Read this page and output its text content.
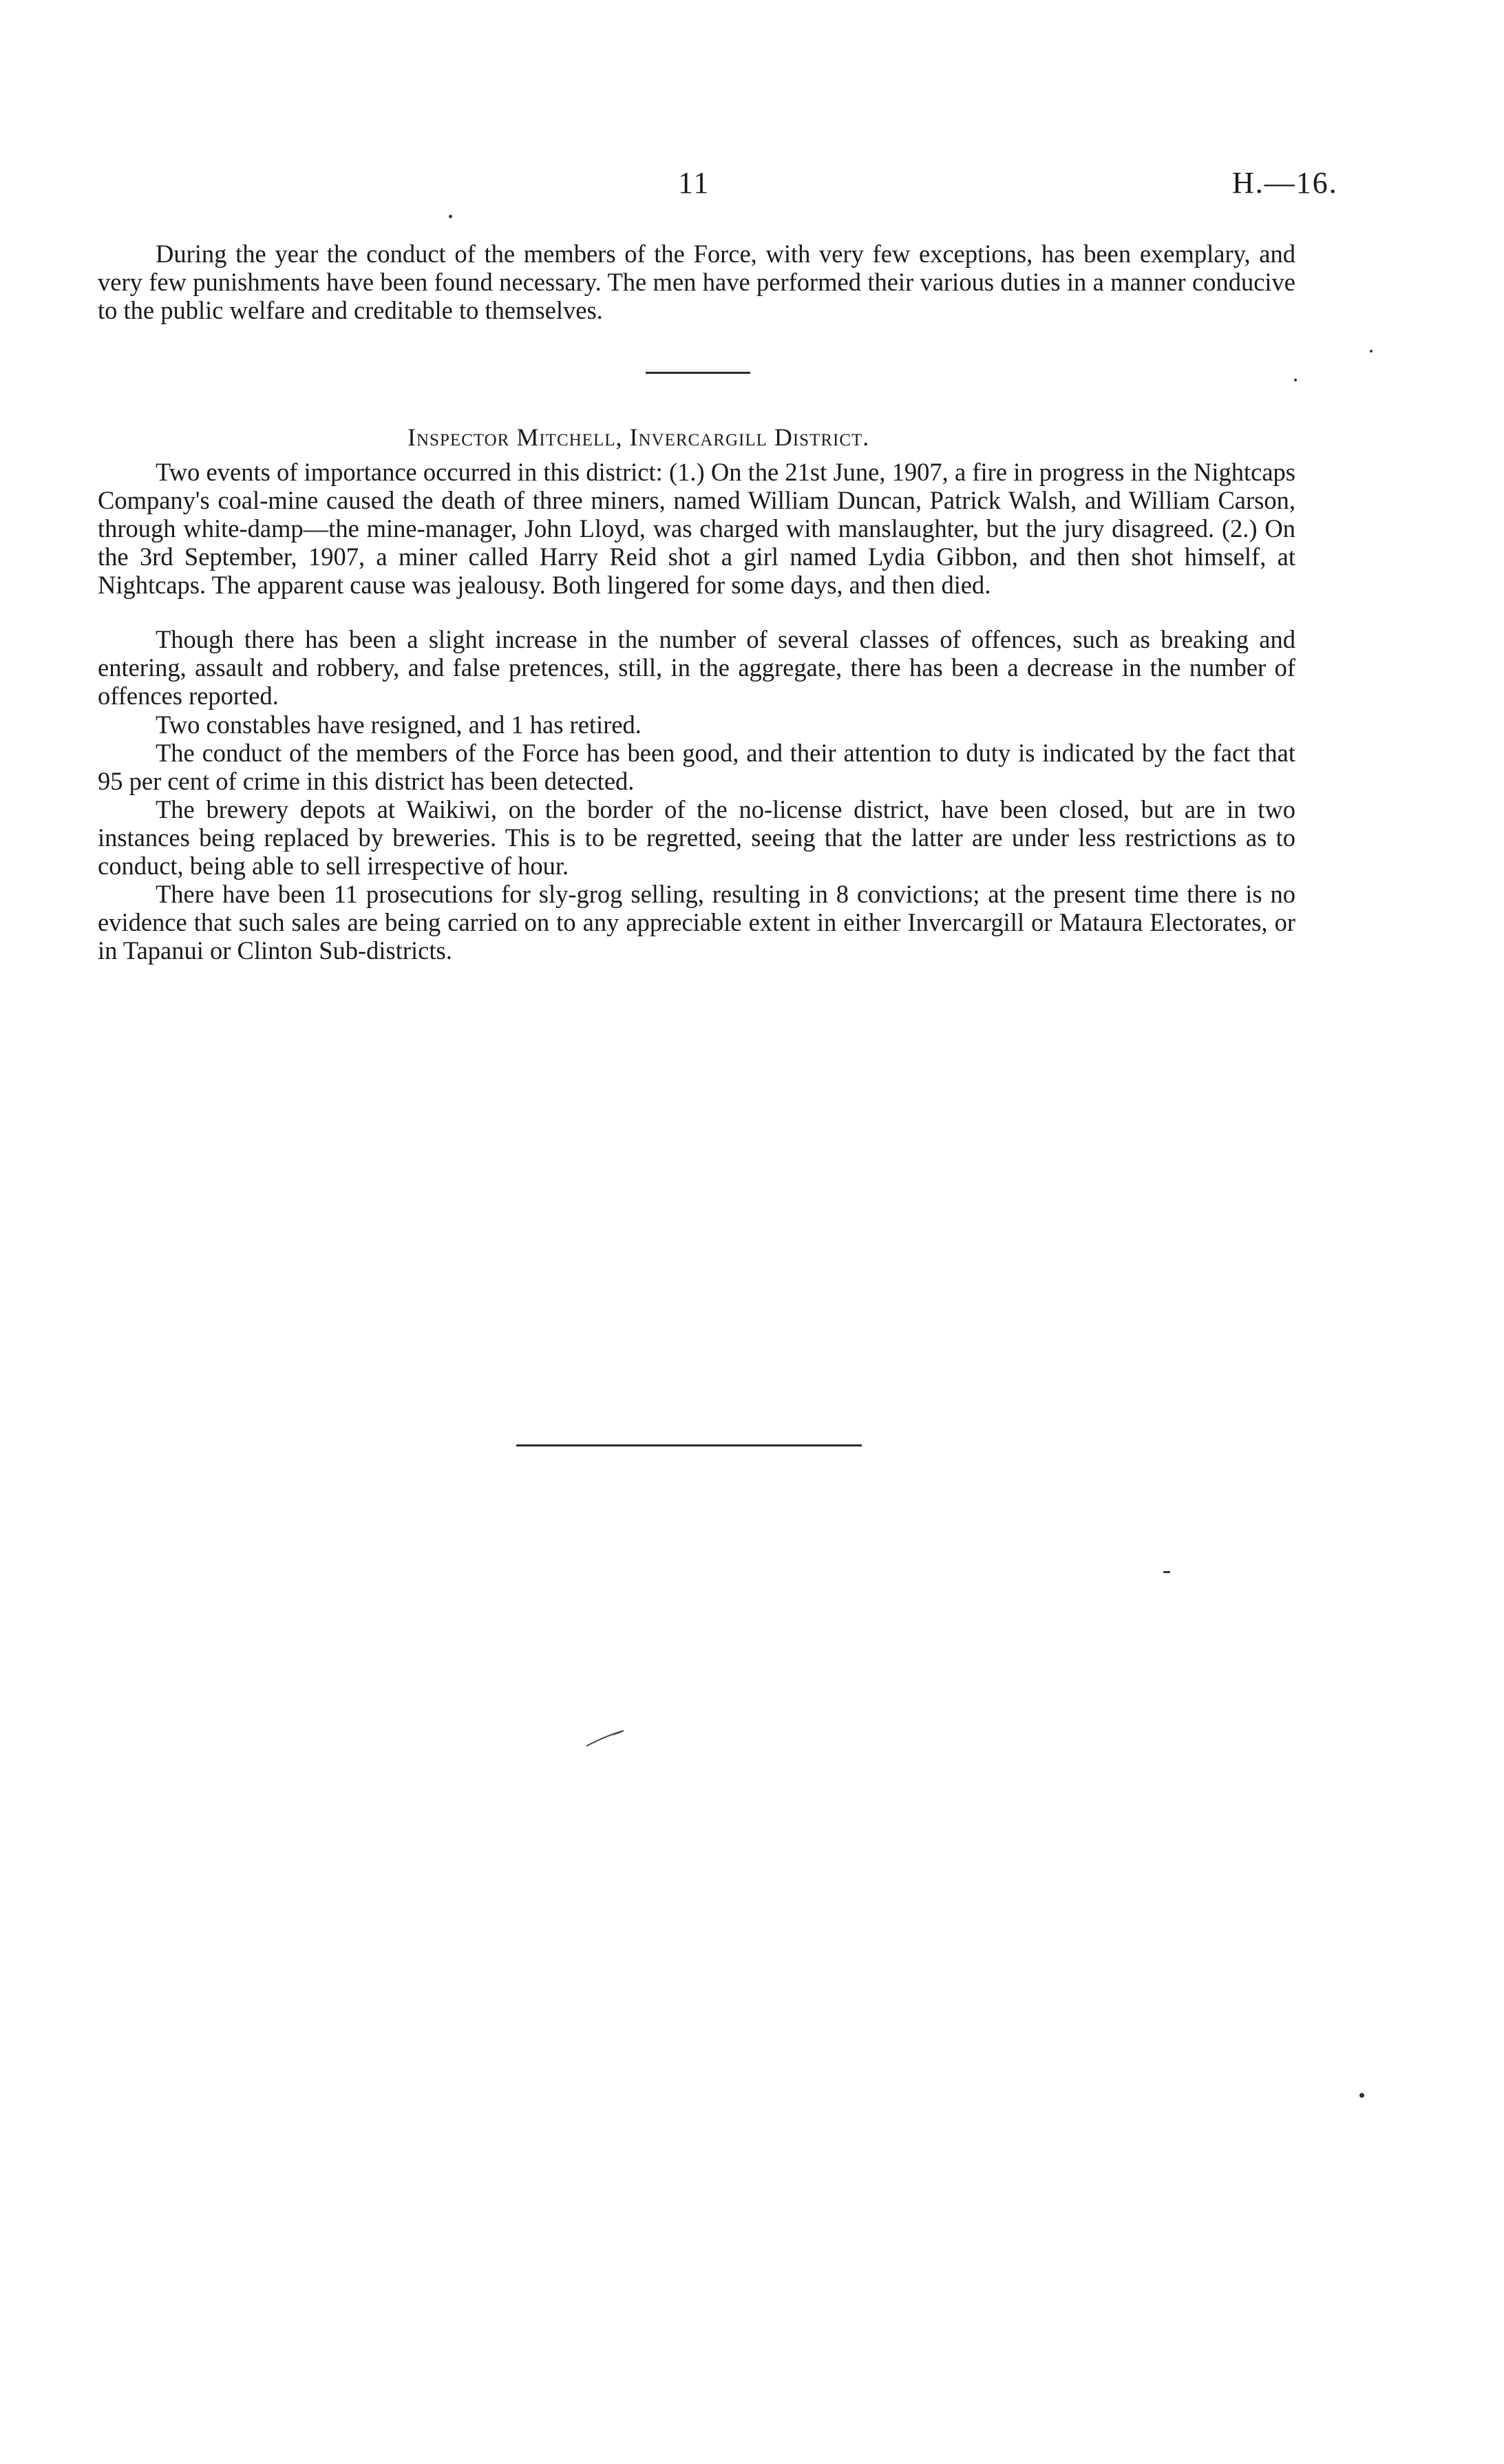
11	H.—16.

During the year the conduct of the members of the Force, with very few exceptions, has been exemplary, and very few punishments have been found necessary. The men have performed their various duties in a manner conducive to the public welfare and creditable to themselves.

Inspector Mitchell, Invercargill District.

Two events of importance occurred in this district: (1.) On the 21st June, 1907, a fire in progress in the Nightcaps Company's coal-mine caused the death of three miners, named William Duncan, Patrick Walsh, and William Carson, through white-damp—the mine-manager, John Lloyd, was charged with manslaughter, but the jury disagreed. (2.) On the 3rd September, 1907, a miner called Harry Reid shot a girl named Lydia Gibbon, and then shot himself, at Nightcaps. The apparent cause was jealousy. Both lingered for some days, and then died.

Though there has been a slight increase in the number of several classes of offences, such as breaking and entering, assault and robbery, and false pretences, still, in the aggregate, there has been a decrease in the number of offences reported.

Two constables have resigned, and 1 has retired.

The conduct of the members of the Force has been good, and their attention to duty is indicated by the fact that 95 per cent of crime in this district has been detected.

The brewery depots at Waikiwi, on the border of the no-license district, have been closed, but are in two instances being replaced by breweries. This is to be regretted, seeing that the latter are under less restrictions as to conduct, being able to sell irrespective of hour.

There have been 11 prosecutions for sly-grog selling, resulting in 8 convictions; at the present time there is no evidence that such sales are being carried on to any appreciable extent in either Invercargill or Mataura Electorates, or in Tapanui or Clinton Sub-districts.
